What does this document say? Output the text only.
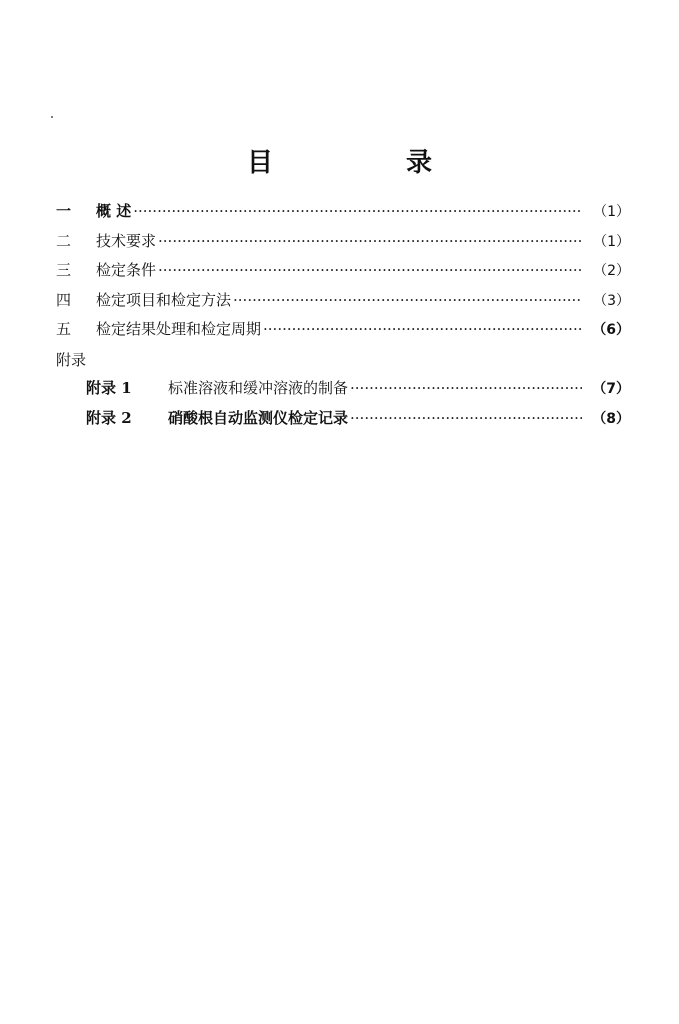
目 录
一	概 述 ·····	（1）
二	技术要求 ·····	（1）
三	检定条件 ·····	（2）
四	检定项目和检定方法 ·····	（3）
五	检定结果处理和检定周期 ·····	（6）
附录
附录 1	标准溶液和缓冲溶液的制备 ·····	（7）
附录 2	硝酸根自动监测仪检定记录 ·····	（8）
